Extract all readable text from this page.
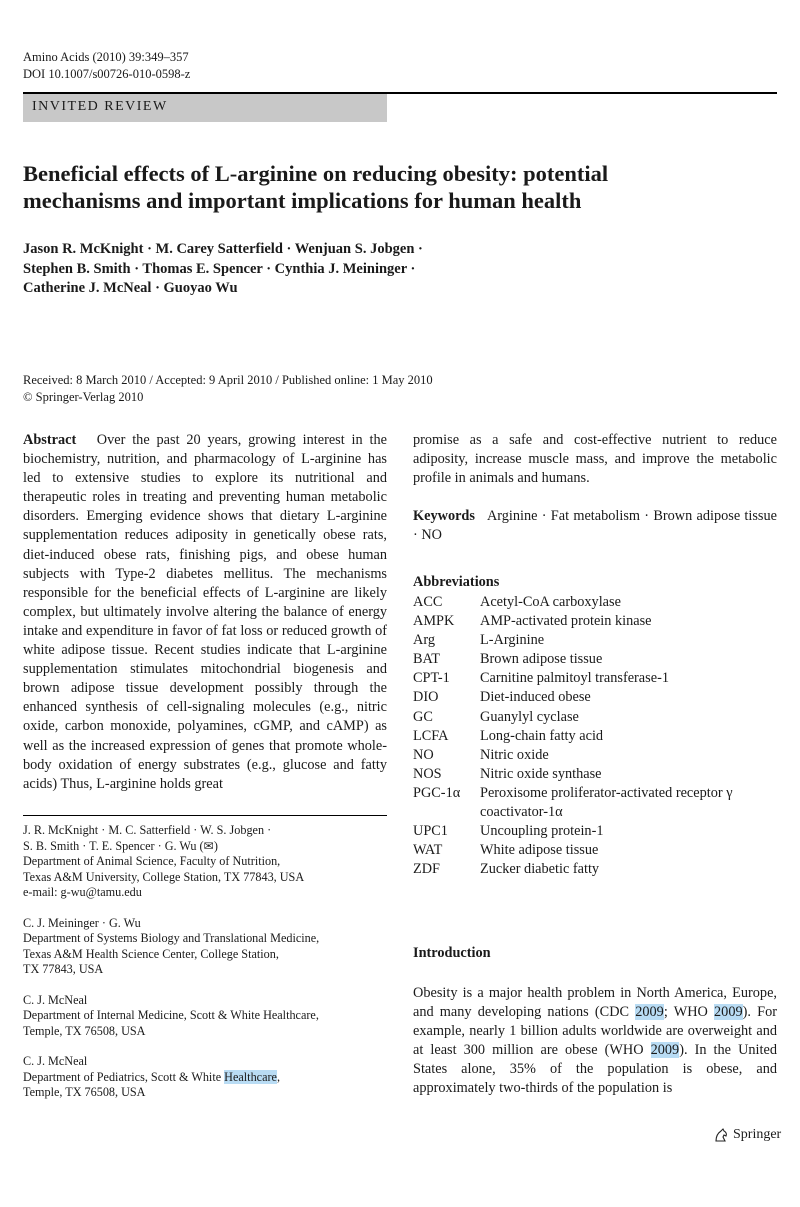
Amino Acids (2010) 39:349–357
DOI 10.1007/s00726-010-0598-z
INVITED REVIEW
Beneficial effects of L-arginine on reducing obesity: potential
mechanisms and important implications for human health
Jason R. McKnight · M. Carey Satterfield · Wenjuan S. Jobgen ·
Stephen B. Smith · Thomas E. Spencer · Cynthia J. Meininger ·
Catherine J. McNeal · Guoyao Wu
Received: 8 March 2010 / Accepted: 9 April 2010 / Published online: 1 May 2010
© Springer-Verlag 2010
Abstract Over the past 20 years, growing interest in the biochemistry, nutrition, and pharmacology of L-arginine has led to extensive studies to explore its nutritional and therapeutic roles in treating and preventing human metabolic disorders. Emerging evidence shows that dietary L-arginine supplementation reduces adiposity in genetically obese rats, diet-induced obese rats, finishing pigs, and obese human subjects with Type-2 diabetes mellitus. The mechanisms responsible for the beneficial effects of L-arginine are likely complex, but ultimately involve altering the balance of energy intake and expenditure in favor of fat loss or reduced growth of white adipose tissue. Recent studies indicate that L-arginine supplementation stimulates mitochondrial biogenesis and brown adipose tissue development possibly through the enhanced synthesis of cell-signaling molecules (e.g., nitric oxide, carbon monoxide, polyamines, cGMP, and cAMP) as well as the increased expression of genes that promote whole-body oxidation of energy substrates (e.g., glucose and fatty acids) Thus, L-arginine holds great
J. R. McKnight · M. C. Satterfield · W. S. Jobgen ·
S. B. Smith · T. E. Spencer · G. Wu (✉)
Department of Animal Science, Faculty of Nutrition,
Texas A&M University, College Station, TX 77843, USA
e-mail: g-wu@tamu.edu
C. J. Meininger · G. Wu
Department of Systems Biology and Translational Medicine,
Texas A&M Health Science Center, College Station,
TX 77843, USA
C. J. McNeal
Department of Internal Medicine, Scott & White Healthcare,
Temple, TX 76508, USA
C. J. McNeal
Department of Pediatrics, Scott & White Healthcare,
Temple, TX 76508, USA
promise as a safe and cost-effective nutrient to reduce adiposity, increase muscle mass, and improve the metabolic profile in animals and humans.
Keywords Arginine · Fat metabolism · Brown adipose tissue · NO
Abbreviations
ACC	Acetyl-CoA carboxylase
AMPK	AMP-activated protein kinase
Arg	L-Arginine
BAT	Brown adipose tissue
CPT-1	Carnitine palmitoyl transferase-1
DIO	Diet-induced obese
GC	Guanylyl cyclase
LCFA	Long-chain fatty acid
NO	Nitric oxide
NOS	Nitric oxide synthase
PGC-1α	Peroxisome proliferator-activated receptor γ coactivator-1α
UPC1	Uncoupling protein-1
WAT	White adipose tissue
ZDF	Zucker diabetic fatty
Introduction
Obesity is a major health problem in North America, Europe, and many developing nations (CDC 2009; WHO 2009). For example, nearly 1 billion adults worldwide are overweight and at least 300 million are obese (WHO 2009). In the United States alone, 35% of the population is obese, and approximately two-thirds of the population is
Springer
